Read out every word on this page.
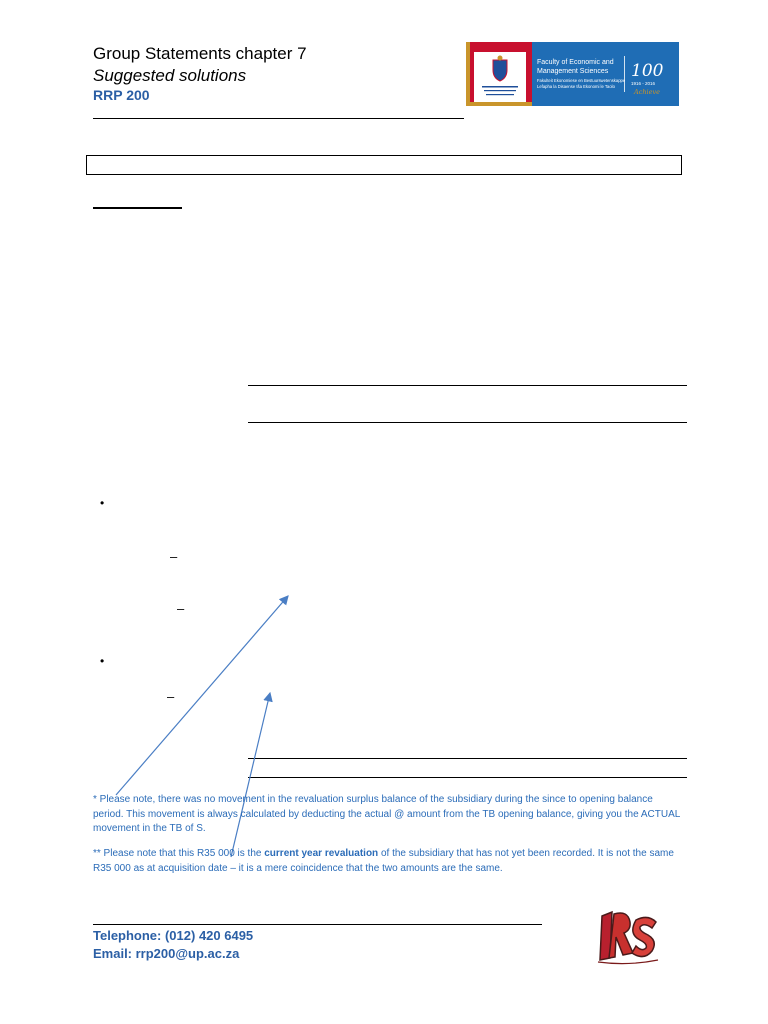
Group Statements chapter 7
Suggested solutions
RRP 200
Faculty of Economic and
Management Sciences
Fakulteit Ekonomiese en Bestuurswetenskappe
Lefapha la Disaense tša Ekonomi le Taolo
100
1916 - 2016
Achieve
•
–
–
•
–
* Please note, there was no movement in the revaluation surplus balance of the subsidiary during the since to opening balance period. This movement is always calculated by deducting the actual @ amount from the TB opening balance, giving you the ACTUAL movement in the TB of S.
** Please note that this R35 000 is the current year revaluation of the subsidiary that has not yet been recorded. It is not the same R35 000 as at acquisition date – it is a mere coincidence that the two amounts are the same.
Telephone: (012) 420 6495
Email: rrp200@up.ac.za
IRS
